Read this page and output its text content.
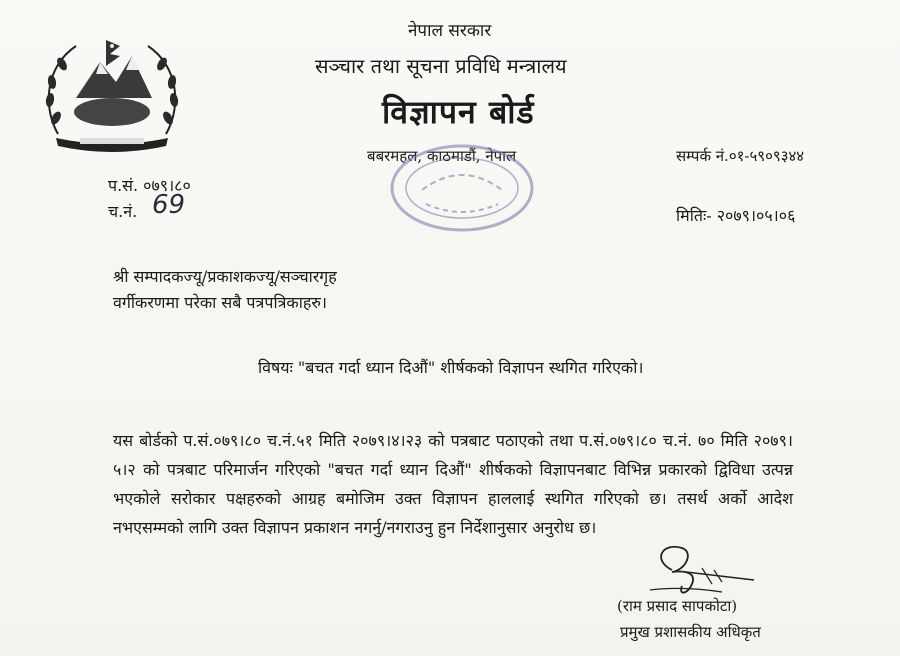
नेपाल सरकार
सञ्चार तथा सूचना प्रविधि मन्त्रालय
विज्ञापन बोर्ड
बबरमहल, काठमाडौं, नेपाल	सम्पर्क नं.०१-५९०९३४४
प.सं. ०७९।८०
च.नं. 69	मितिः- २०७९।०५।०६
श्री सम्पादकज्यू/प्रकाशकज्यू/सञ्चारगृह
वर्गीकरणमा परेका सबै पत्रपत्रिकाहरु।
विषयः "बचत गर्दा ध्यान दिऔं" शीर्षकको विज्ञापन स्थगित गरिएको।

यस बोर्डको प.सं.०७९।८० च.नं.५१ मिति २०७९।४।२३ को पत्रबाट पठाएको तथा प.सं.०७९।८० च.नं. ७० मिति २०७९।५।२ को पत्रबाट परिमार्जन गरिएको "बचत गर्दा ध्यान दिऔं" शीर्षकको विज्ञापनबाट विभिन्न प्रकारको द्विविधा उत्पन्न भएकोले सरोकार पक्षहरुको आग्रह बमोजिम उक्त विज्ञापन हाललाई स्थगित गरिएको छ। तसर्थ अर्को आदेश नभएसम्मको लागि उक्त विज्ञापन प्रकाशन नगर्नु/नगराउनु हुन निर्देशानुसार अनुरोध छ।

(राम प्रसाद सापकोटा)
प्रमुख प्रशासकीय अधिकृत
